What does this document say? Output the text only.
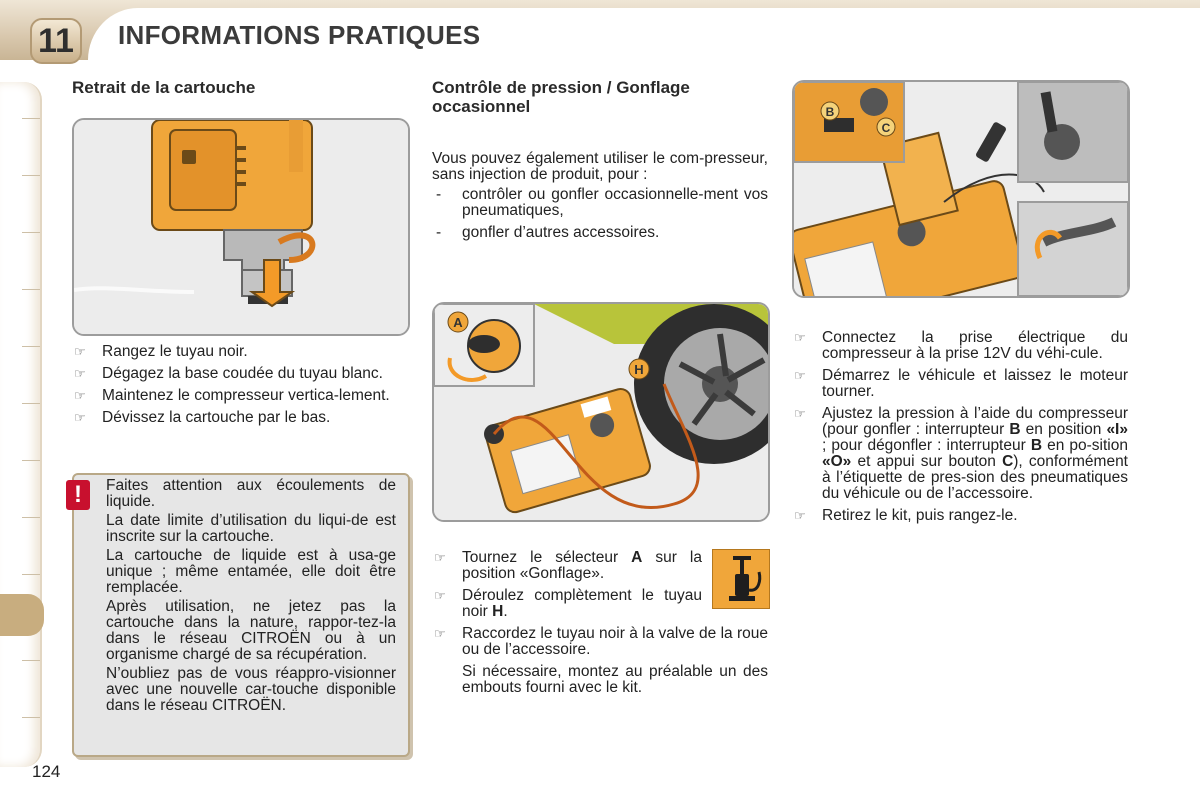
11	INFORMATIONS PRATIQUES
Retrait de la cartouche
☞ Rangez le tuyau noir.
☞ Dégagez la base coudée du tuyau blanc.
☞ Maintenez le compresseur vertica-lement.
☞ Dévissez la cartouche par le bas.
!	Faites attention aux écoulements de liquide.

La date limite d’utilisation du liqui-de est inscrite sur la cartouche.

La cartouche de liquide est à usa-ge unique ; même entamée, elle doit être remplacée.

Après utilisation, ne jetez pas la cartouche dans la nature, rappor-tez-la dans le réseau CITROËN ou à un organisme chargé de sa récupération.

N’oubliez pas de vous réappro-visionner avec une nouvelle car-touche disponible dans le réseau CITROËN.

Contrôle de pression / Gonflage occasionnel
Vous pouvez également utiliser le com-presseur, sans injection de produit, pour :
- contrôler ou gonfler occasionnelle-ment vos pneumatiques,
- gonfler d’autres accessoires.
A
H
☞ Tournez le sélecteur A sur la position «Gonflage».
☞ Déroulez complètement le tuyau noir H.
☞ Raccordez le tuyau noir à la valve de la roue ou de l’accessoire.
Si nécessaire, montez au préalable un des embouts fourni avec le kit.
B
C
☞ Connectez la prise électrique du compresseur à la prise 12V du véhi-cule.
☞ Démarrez le véhicule et laissez le moteur tourner.
☞ Ajustez la pression à l’aide du compresseur (pour gonfler : interrupteur B en position «I» ; pour dégonfler : interrupteur B en po-sition «O» et appui sur bouton C), conformément à l’étiquette de pres-sion des pneumatiques du véhicule ou de l’accessoire.
☞ Retirez le kit, puis rangez-le.
124
